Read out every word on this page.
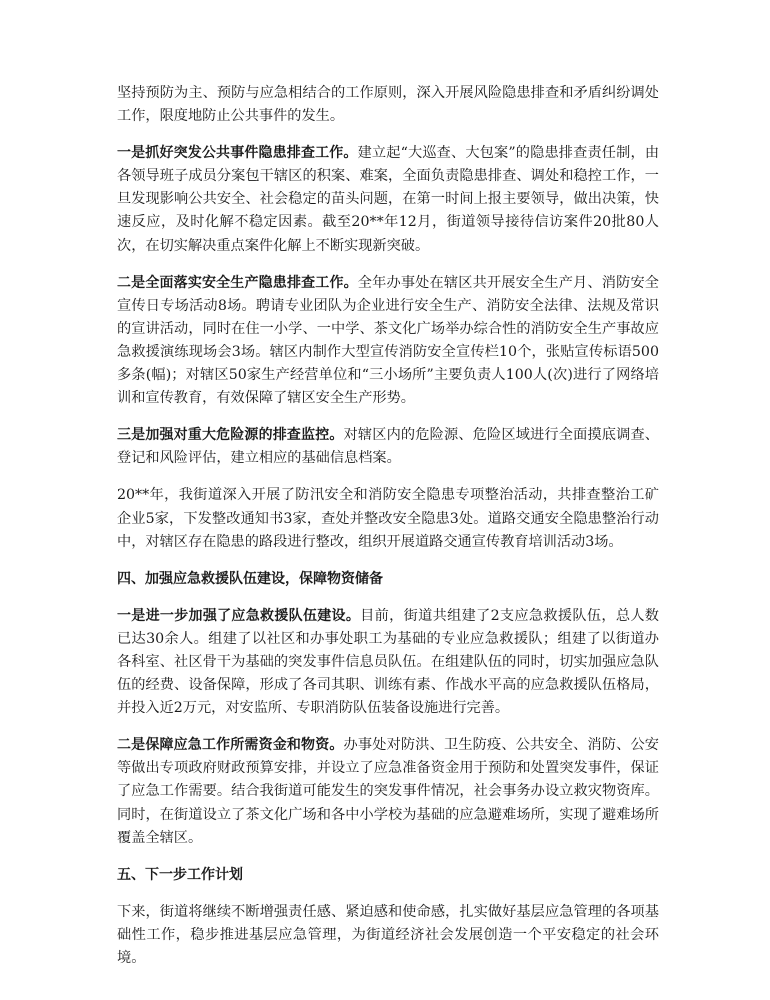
坚持预防为主、预防与应急相结合的工作原则，深入开展风险隐患排查和矛盾纠纷调处工作，限度地防止公共事件的发生。

一是抓好突发公共事件隐患排查工作。建立起“大巡查、大包案”的隐患排查责任制，由各领导班子成员分案包干辖区的积案、难案，全面负责隐患排查、调处和稳控工作，一旦发现影响公共安全、社会稳定的苗头问题，在第一时间上报主要领导，做出决策，快速反应，及时化解不稳定因素。截至20**年12月，街道领导接待信访案件20批80人次，在切实解决重点案件化解上不断实现新突破。

二是全面落实安全生产隐患排查工作。全年办事处在辖区共开展安全生产月、消防安全宣传日专场活动8场。聘请专业团队为企业进行安全生产、消防安全法律、法规及常识的宣讲活动，同时在住一小学、一中学、茶文化广场举办综合性的消防安全生产事故应急救援演练现场会3场。辖区内制作大型宣传消防安全宣传栏10个，张贴宣传标语500多条(幅)；对辖区50家生产经营单位和“三小场所”主要负责人100人(次)进行了网络培训和宣传教育，有效保障了辖区安全生产形势。

三是加强对重大危险源的排查监控。对辖区内的危险源、危险区域进行全面摸底调查、登记和风险评估，建立相应的基础信息档案。

20**年，我街道深入开展了防汛安全和消防安全隐患专项整治活动，共排查整治工矿企业5家，下发整改通知书3家，查处并整改安全隐患3处。道路交通安全隐患整治行动中，对辖区存在隐患的路段进行整改，组织开展道路交通宣传教育培训活动3场。

四、加强应急救援队伍建设，保障物资储备

一是进一步加强了应急救援队伍建设。目前，街道共组建了2支应急救援队伍，总人数已达30余人。组建了以社区和办事处职工为基础的专业应急救援队；组建了以街道办各科室、社区骨干为基础的突发事件信息员队伍。在组建队伍的同时，切实加强应急队伍的经费、设备保障，形成了各司其职、训练有素、作战水平高的应急救援队伍格局，并投入近2万元，对安监所、专职消防队伍装备设施进行完善。

二是保障应急工作所需资金和物资。办事处对防洪、卫生防疫、公共安全、消防、公安等做出专项政府财政预算安排，并设立了应急准备资金用于预防和处置突发事件，保证了应急工作需要。结合我街道可能发生的突发事件情况，社会事务办设立救灾物资库。同时，在街道设立了茶文化广场和各中小学校为基础的应急避难场所，实现了避难场所覆盖全辖区。

五、下一步工作计划

下来，街道将继续不断增强责任感、紧迫感和使命感，扎实做好基层应急管理的各项基础性工作，稳步推进基层应急管理，为街道经济社会发展创造一个平安稳定的社会环境。
